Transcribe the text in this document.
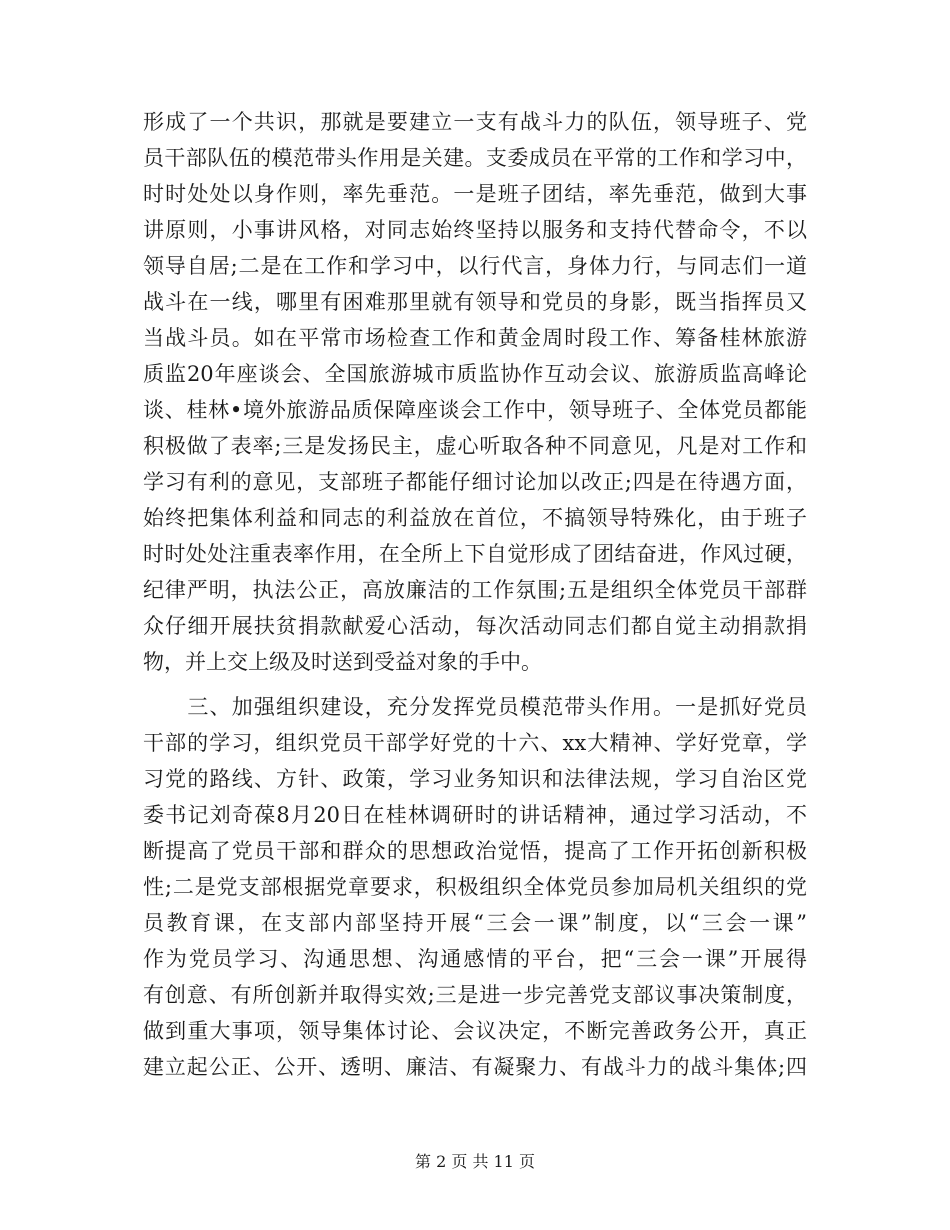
形成了一个共识，那就是要建立一支有战斗力的队伍，领导班子、党
员干部队伍的模范带头作用是关建。支委成员在平常的工作和学习中，
时时处处以身作则，率先垂范。一是班子团结，率先垂范，做到大事
讲原则，小事讲风格，对同志始终坚持以服务和支持代替命令，不以
领导自居;二是在工作和学习中，以行代言，身体力行，与同志们一道
战斗在一线，哪里有困难那里就有领导和党员的身影，既当指挥员又
当战斗员。如在平常市场检查工作和黄金周时段工作、筹备桂林旅游
质监20年座谈会、全国旅游城市质监协作互动会议、旅游质监高峰论
谈、桂林•境外旅游品质保障座谈会工作中，领导班子、全体党员都能
积极做了表率;三是发扬民主，虚心听取各种不同意见，凡是对工作和
学习有利的意见，支部班子都能仔细讨论加以改正;四是在待遇方面，
始终把集体利益和同志的利益放在首位，不搞领导特殊化，由于班子
时时处处注重表率作用，在全所上下自觉形成了团结奋进，作风过硬，
纪律严明，执法公正，高放廉洁的工作氛围;五是组织全体党员干部群
众仔细开展扶贫捐款献爱心活动，每次活动同志们都自觉主动捐款捐
物，并上交上级及时送到受益对象的手中。
　　三、加强组织建设，充分发挥党员模范带头作用。一是抓好党员
干部的学习，组织党员干部学好党的十六、xx大精神、学好党章，学
习党的路线、方针、政策，学习业务知识和法律法规，学习自治区党
委书记刘奇葆8月20日在桂林调研时的讲话精神，通过学习活动，不
断提高了党员干部和群众的思想政治觉悟，提高了工作开拓创新积极
性;二是党支部根据党章要求，积极组织全体党员参加局机关组织的党
员教育课，在支部内部坚持开展“三会一课”制度，以“三会一课”
作为党员学习、沟通思想、沟通感情的平台，把“三会一课”开展得
有创意、有所创新并取得实效;三是进一步完善党支部议事决策制度，
做到重大事项，领导集体讨论、会议决定，不断完善政务公开，真正
建立起公正、公开、透明、廉洁、有凝聚力、有战斗力的战斗集体;四
第 2 页 共 11 页
